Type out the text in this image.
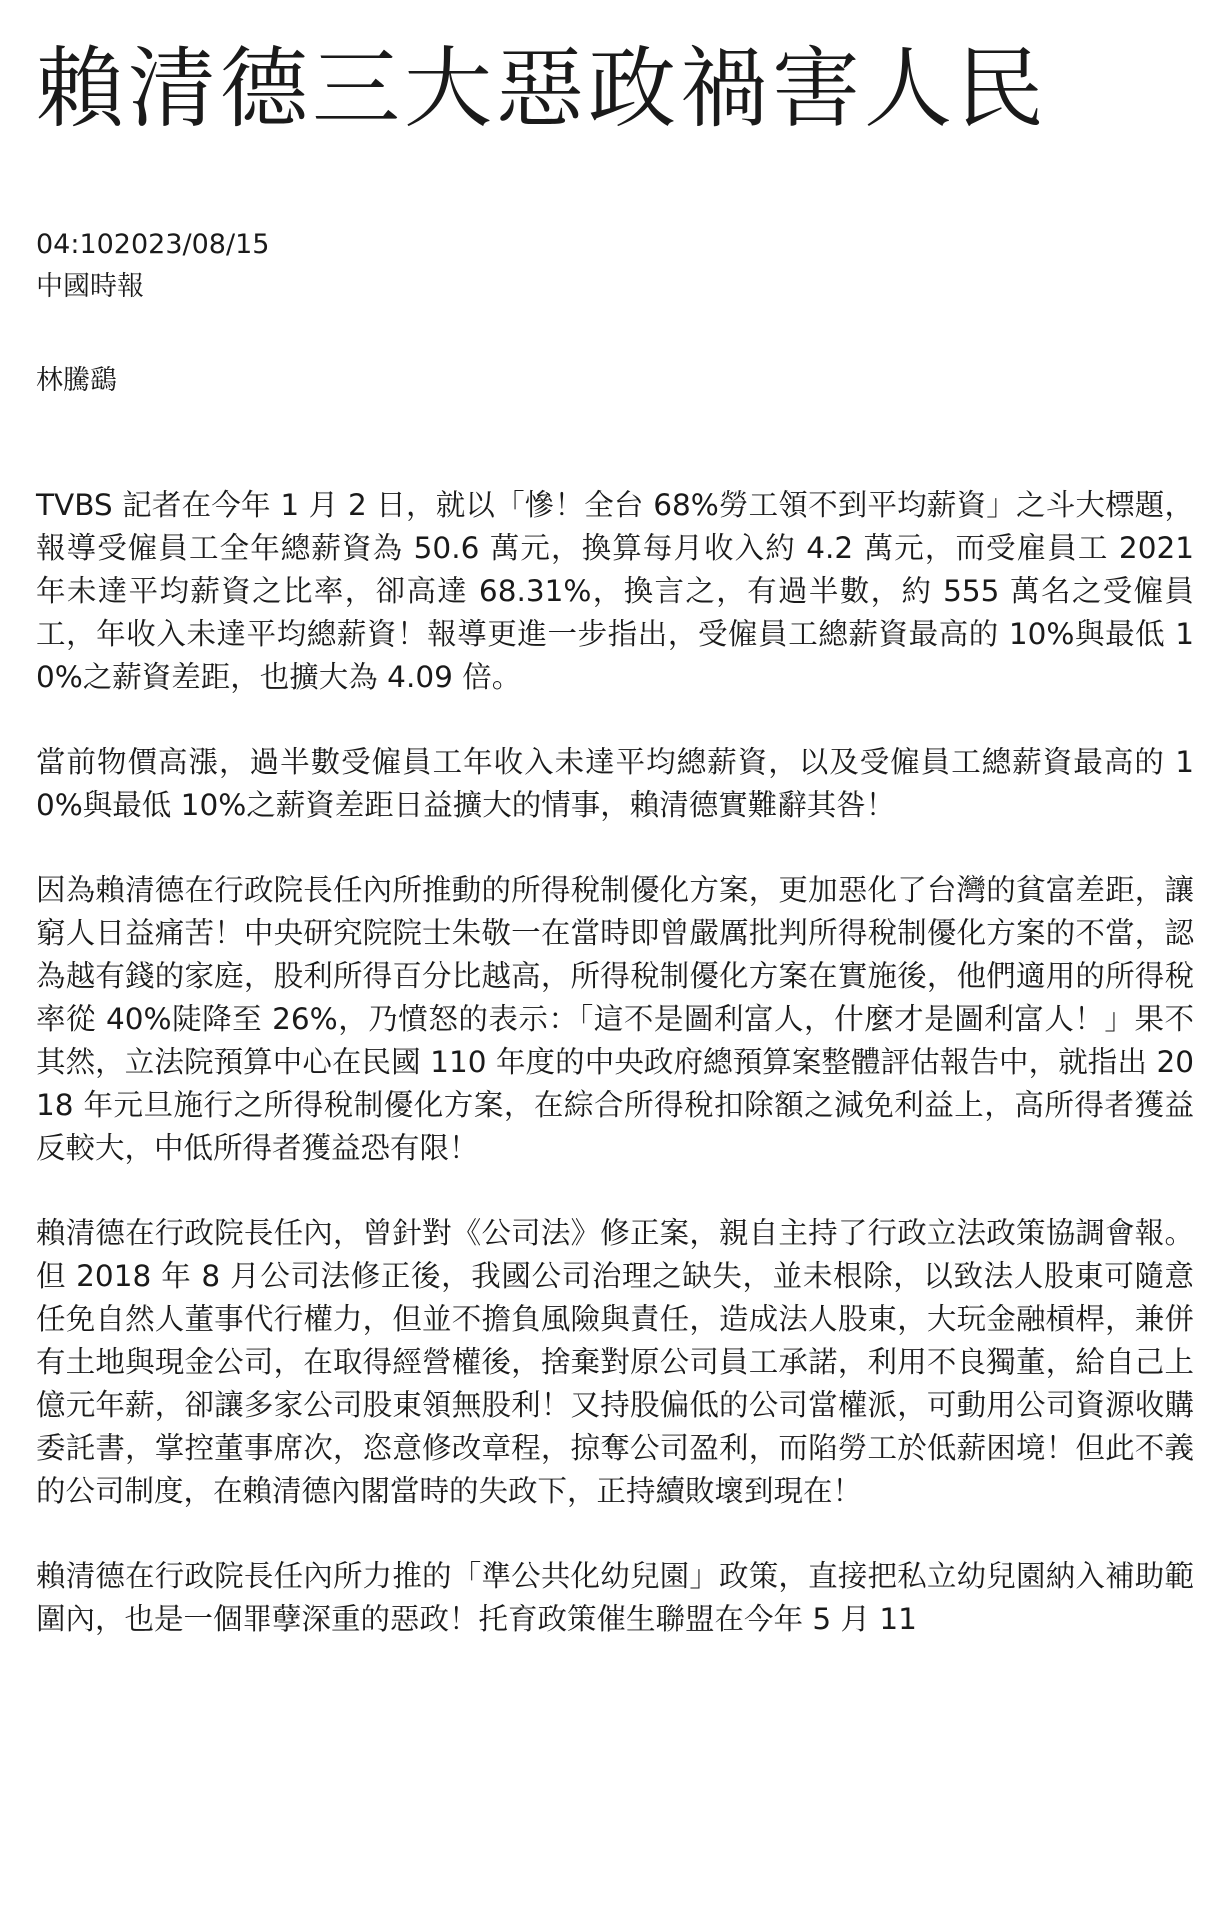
賴清德三大惡政禍害人民

04:102023/08/15

中國時報

林騰鷂

TVBS 記者在今年 1 月 2 日，就以「慘！全台 68%勞工領不到平均薪資」之斗大標題，報導受僱員工全年總薪資為 50.6 萬元，換算每月收入約 4.2 萬元，而受雇員工 2021 年未達平均薪資之比率，卻高達 68.31%，換言之，有過半數，約 555 萬名之受僱員工，年收入未達平均總薪資！報導更進一步指出，受僱員工總薪資最高的 10%與最低 10%之薪資差距，也擴大為 4.09 倍。

當前物價高漲，過半數受僱員工年收入未達平均總薪資，以及受僱員工總薪資最高的 10%與最低 10%之薪資差距日益擴大的情事，賴清德實難辭其咎！

因為賴清德在行政院長任內所推動的所得稅制優化方案，更加惡化了台灣的貧富差距，讓窮人日益痛苦！中央研究院院士朱敬一在當時即曾嚴厲批判所得稅制優化方案的不當，認為越有錢的家庭，股利所得百分比越高，所得稅制優化方案在實施後，他們適用的所得稅率從 40%陡降至 26%，乃憤怒的表示：「這不是圖利富人，什麼才是圖利富人！」果不其然，立法院預算中心在民國 110 年度的中央政府總預算案整體評估報告中，就指出 2018 年元旦施行之所得稅制優化方案，在綜合所得稅扣除額之減免利益上，高所得者獲益反較大，中低所得者獲益恐有限！

賴清德在行政院長任內，曾針對《公司法》修正案，親自主持了行政立法政策協調會報。但 2018 年 8 月公司法修正後，我國公司治理之缺失，並未根除，以致法人股東可隨意任免自然人董事代行權力，但並不擔負風險與責任，造成法人股東，大玩金融槓桿，兼併有土地與現金公司，在取得經營權後，捨棄對原公司員工承諾，利用不良獨董，給自己上億元年薪，卻讓多家公司股東領無股利！又持股偏低的公司當權派，可動用公司資源收購委託書，掌控董事席次，恣意修改章程，掠奪公司盈利，而陷勞工於低薪困境！但此不義的公司制度，在賴清德內閣當時的失政下，正持續敗壞到現在！

賴清德在行政院長任內所力推的「準公共化幼兒園」政策，直接把私立幼兒園納入補助範圍內，也是一個罪孽深重的惡政！托育政策催生聯盟在今年 5 月 11
